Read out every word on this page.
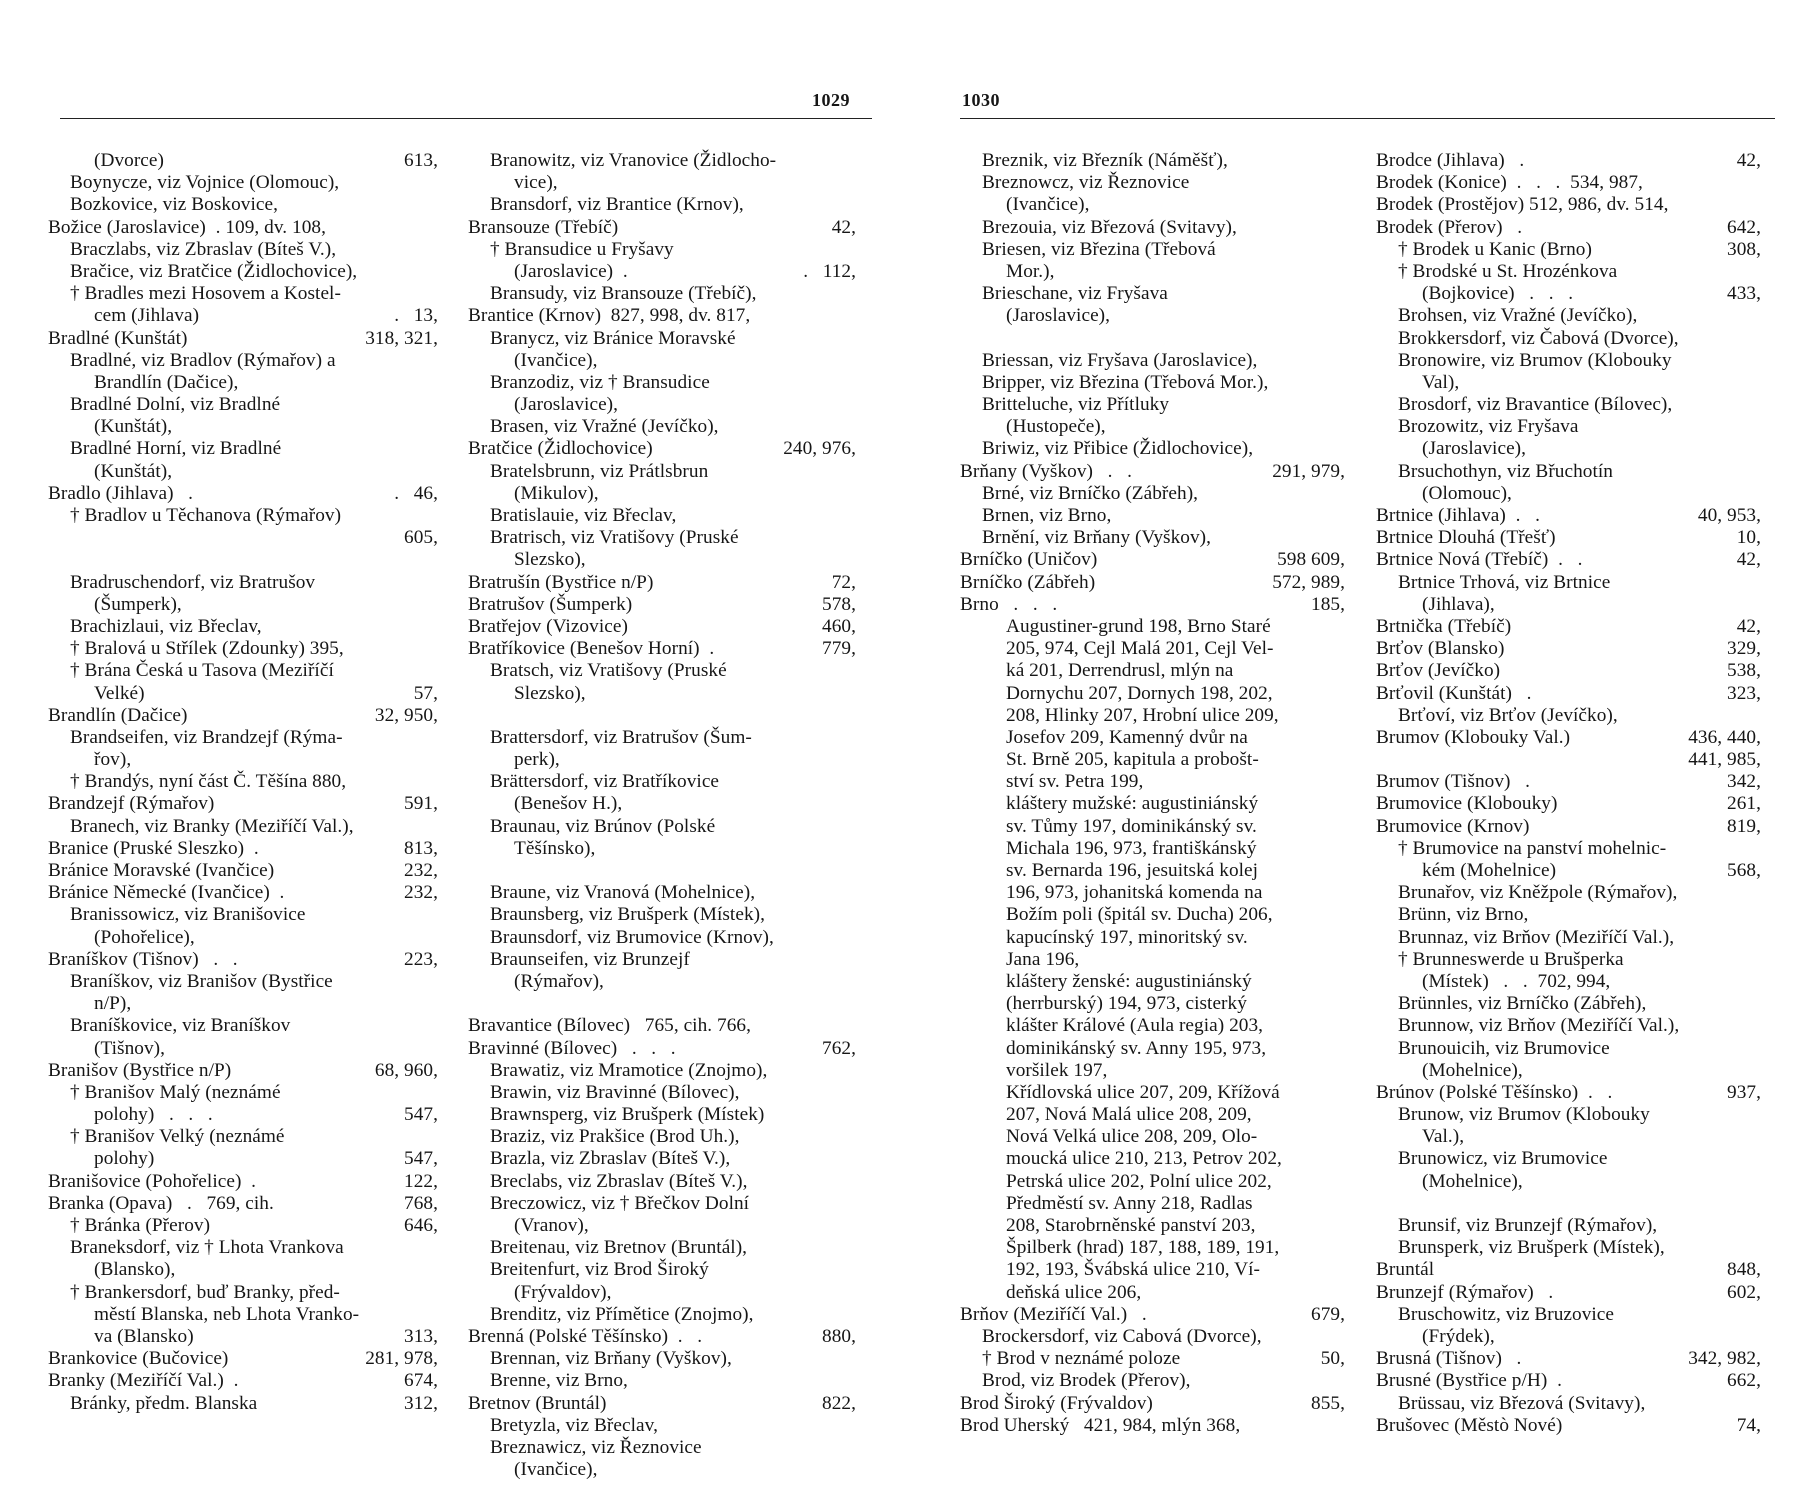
1029
(Dvorce)	613,
Boynycze, viz Vojnice (Olomouc),
Bozkovice, viz Boskovice,
Božice (Jaroslavice)  . 109, dv. 108,
Braczlabs, viz Zbraslav (Bíteš V.),
Bračice, viz Bratčice (Židlochovice),
† Bradles mezi Hosovem a Kostel-
cem (Jihlava)	.   13,
Bradlné (Kunštát)	318, 321,
Bradlné, viz Bradlov (Rýmařov) a
Brandlín (Dačice),
Bradlné Dolní, viz Bradlné
(Kunštát),
Bradlné Horní, viz Bradlné
(Kunštát),
Bradlo (Jihlava)   .	.   46,
† Bradlov u Těchanova (Rýmařov)
605,
Bradruschendorf, viz Bratrušov
(Šumperk),
Brachizlaui, viz Břeclav,
† Bralová u Střílek (Zdounky) 395,
† Brána Česká u Tasova (Meziříčí
Velké)	57,
Brandlín (Dačice)	32, 950,
Brandseifen, viz Brandzejf (Rýma-
řov),
† Brandýs, nyní část Č. Těšína 880,
Brandzejf (Rýmařov)	591,
Branech, viz Branky (Meziříčí Val.),
Branice (Pruské Sleszko)  .	813,
Bránice Moravské (Ivančice)	232,
Bránice Německé (Ivančice)  .	232,
Branissowicz, viz Branišovice
(Pohořelice),
Braníškov (Tišnov)   .   .	223,
Braníškov, viz Branišov (Bystřice
n/P),
Braníškovice, viz Braníškov
(Tišnov),
Branišov (Bystřice n/P)	68, 960,
† Branišov Malý (neznámé
polohy)   .   .   .	547,
† Branišov Velký (neznámé
polohy)	547,
Branišovice (Pohořelice)  .	122,
Branka (Opava)   .   769, cih.	768,
† Bránka (Přerov)	646,
Braneksdorf, viz † Lhota Vrankova
(Blansko),
† Brankersdorf, buď Branky, před-
městí Blanska, neb Lhota Vranko-
va (Blansko)	313,
Brankovice (Bučovice)	281, 978,
Branky (Meziříčí Val.)  .	674,
Bránky, předm. Blanska	312,
Branowitz, viz Vranovice (Židlocho-
vice),
Bransdorf, viz Brantice (Krnov),
Bransouze (Třebíč)	42,
† Bransudice u Fryšavy
(Jaroslavice)  .	.   112,
Bransudy, viz Bransouze (Třebíč),
Brantice (Krnov)  827, 998, dv. 817,
Branycz, viz Bránice Moravské
(Ivančice),
Branzodiz, viz † Bransudice
(Jaroslavice),
Brasen, viz Vražné (Jevíčko),
Bratčice (Židlochovice)	240, 976,
Bratelsbrunn, viz Prátlsbrun
(Mikulov),
Bratislauie, viz Břeclav,
Bratrisch, viz Vratišovy (Pruské
Slezsko),
Bratrušín (Bystřice n/P)	72,
Bratrušov (Šumperk)	578,
Bratřejov (Vizovice)	460,
Bratříkovice (Benešov Horní)  .	779,
Bratsch, viz Vratišovy (Pruské
Slezsko),
Brattersdorf, viz Bratrušov (Šum-
perk),
Brättersdorf, viz Bratříkovice
(Benešov H.),
Braunau, viz Brúnov (Polské
Těšínsko),
Braune, viz Vranová (Mohelnice),
Braunsberg, viz Brušperk (Místek),
Braunsdorf, viz Brumovice (Krnov),
Braunseifen, viz Brunzejf
(Rýmařov),
Bravantice (Bílovec)   765, cih. 766,
Bravinné (Bílovec)   .   .   .	762,
Brawatiz, viz Mramotice (Znojmo),
Brawin, viz Bravinné (Bílovec),
Brawnsperg, viz Brušperk (Místek)
Braziz, viz Prakšice (Brod Uh.),
Brazla, viz Zbraslav (Bíteš V.),
Breclabs, viz Zbraslav (Bíteš V.),
Breczowicz, viz † Břečkov Dolní
(Vranov),
Breitenau, viz Bretnov (Bruntál),
Breitenfurt, viz Brod Široký
(Frývaldov),
Brenditz, viz Přímětice (Znojmo),
Brenná (Polské Těšínsko)  .   .	880,
Brennan, viz Brňany (Vyškov),
Brenne, viz Brno,
Bretnov (Bruntál)	822,
Bretyzla, viz Břeclav,
Breznawicz, viz Řeznovice
(Ivančice),
1030
Breznik, viz Březník (Náměšť),
Breznowcz, viz Řeznovice
(Ivančice),
Brezouia, viz Březová (Svitavy),
Briesen, viz Březina (Třebová
Mor.),
Brieschane, viz Fryšava
(Jaroslavice),
Briessan, viz Fryšava (Jaroslavice),
Bripper, viz Březina (Třebová Mor.),
Britteluche, viz Přítluky
(Hustopeče),
Briwiz, viz Přibice (Židlochovice),
Brňany (Vyškov)   .   .	291, 979,
Brné, viz Brníčko (Zábřeh),
Brnen, viz Brno,
Brnění, viz Brňany (Vyškov),
Brníčko (Uničov)	598 609,
Brníčko (Zábřeh)	572, 989,
Brno   .   .   .	185,
Augustiner-grund 198, Brno Staré
205, 974, Cejl Malá 201, Cejl Vel-
ká 201, Derrendrusl, mlýn na
Dornychu 207, Dornych 198, 202,
208, Hlinky 207, Hrobní ulice 209,
Josefov 209, Kamenný dvůr na
St. Brně 205, kapitula a probošt-
ství sv. Petra 199,
kláštery mužské: augustiniánský
sv. Tůmy 197, dominikánský sv.
Michala 196, 973, františkánský
sv. Bernarda 196, jesuitská kolej
196, 973, johanitská komenda na
Božím poli (špitál sv. Ducha) 206,
kapucínský 197, minoritský sv.
Jana 196,
kláštery ženské: augustiniánský
(herrburský) 194, 973, cisterký
klášter Králové (Aula regia) 203,
dominikánský sv. Anny 195, 973,
voršilek 197,
Křídlovská ulice 207, 209, Křížová
207, Nová Malá ulice 208, 209,
Nová Velká ulice 208, 209, Olo-
moucká ulice 210, 213, Petrov 202,
Petrská ulice 202, Polní ulice 202,
Předměstí sv. Anny 218, Radlas
208, Starobrněnské panství 203,
Špilberk (hrad) 187, 188, 189, 191,
192, 193, Švábská ulice 210, Ví-
deňská ulice 206,
Brňov (Meziříčí Val.)   .	679,
Brockersdorf, viz Cabová (Dvorce),
† Brod v neznámé poloze	50,
Brod, viz Brodek (Přerov),
Brod Široký (Frývaldov)	855,
Brod Uherský   421, 984, mlýn 368,
Brodce (Jihlava)   .	42,
Brodek (Konice)  .   .   .  534, 987,
Brodek (Prostějov) 512, 986, dv. 514,
Brodek (Přerov)   .	642,
† Brodek u Kanic (Brno)	308,
† Brodské u St. Hrozénkova
(Bojkovice)   .   .   .	433,
Brohsen, viz Vražné (Jevíčko),
Brokkersdorf, viz Čabová (Dvorce),
Bronowire, viz Brumov (Klobouky
Val),
Brosdorf, viz Bravantice (Bílovec),
Brozowitz, viz Fryšava
(Jaroslavice),
Brsuchothyn, viz Břuchotín
(Olomouc),
Brtnice (Jihlava)  .   .	40, 953,
Brtnice Dlouhá (Třešť)	10,
Brtnice Nová (Třebíč)  .   .	42,
Brtnice Trhová, viz Brtnice
(Jihlava),
Brtnička (Třebíč)	42,
Brťov (Blansko)	329,
Brťov (Jevíčko)	538,
Brťovil (Kunštát)   .	323,
Brťoví, viz Brťov (Jevíčko),
Brumov (Klobouky Val.)	436, 440,
441, 985,
Brumov (Tišnov)   .	342,
Brumovice (Klobouky)	261,
Brumovice (Krnov)	819,
† Brumovice na panství mohelnic-
kém (Mohelnice)	568,
Brunařov, viz Kněžpole (Rýmařov),
Brünn, viz Brno,
Brunnaz, viz Brňov (Meziříčí Val.),
† Brunneswerde u Brušperka
(Místek)   .   .  702, 994,
Brünnles, viz Brníčko (Zábřeh),
Brunnow, viz Brňov (Meziříčí Val.),
Brunouicih, viz Brumovice
(Mohelnice),
Brúnov (Polské Těšínsko)  .   .	937,
Brunow, viz Brumov (Klobouky
Val.),
Brunowicz, viz Brumovice
(Mohelnice),
Brunsif, viz Brunzejf (Rýmařov),
Brunsperk, viz Brušperk (Místek),
Bruntál	848,
Brunzejf (Rýmařov)   .	602,
Bruschowitz, viz Bruzovice
(Frýdek),
Brusná (Tišnov)   .	342, 982,
Brusné (Bystřice p/H)  .	662,
Brüssau, viz Březová (Svitavy),
Brušovec (Městò Nové)	74,
